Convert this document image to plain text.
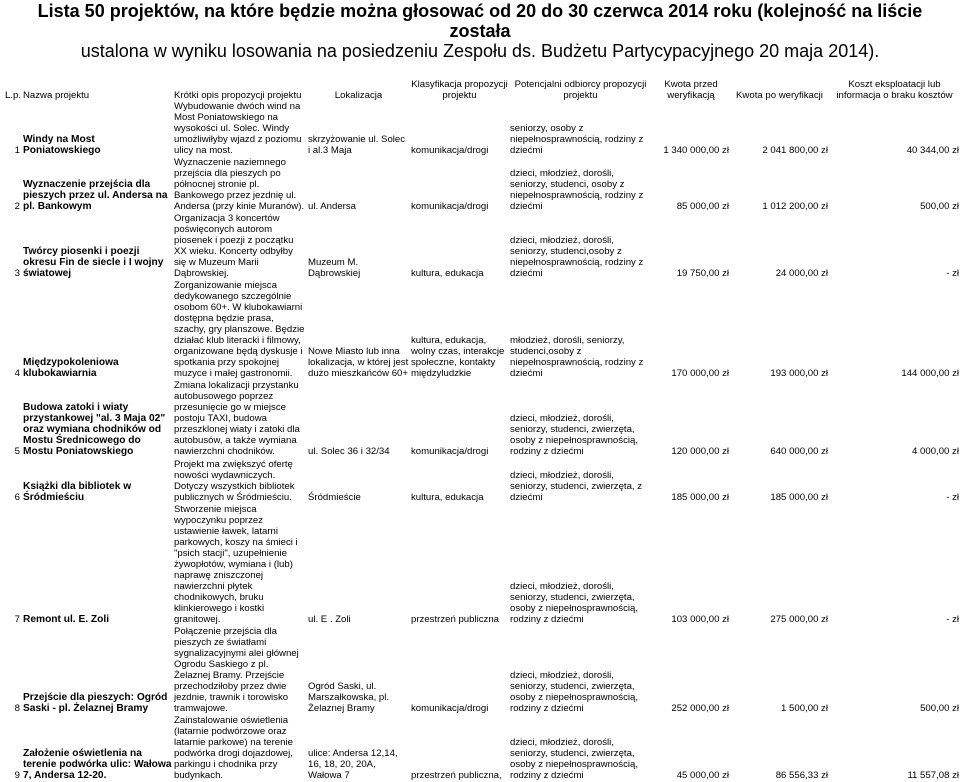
Lista 50 projektów, na które będzie można głosować od 20 do 30 czerwca 2014 roku (kolejność na liście została
ustalona w wyniku losowania na posiedzeniu Zespołu ds. Budżetu Partycypacyjnego 20 maja 2014).
L.p.	Nazwa projektu	Krótki opis propozycji projektu	Lokalizacja	Klasyfikacja propozycji projektu	Potencjalni odbiorcy propozycji projektu	Kwota przed weryfikacją	Kwota po weryfikacji	Koszt eksploatacji lub informacja o braku kosztów
1	Windy na Most Poniatowskiego	Wybudowanie dwóch wind na Most Poniatowskiego na wysokości ul. Solec. Windy umożliwiłyby wjazd z poziomu ulicy na most.	skrzyżowanie ul. Solec i al.3 Maja	komunikacja/drogi	seniorzy, osoby z niepełnosprawnością, rodziny z dziećmi	1 340 000,00 zł	2 041 800,00 zł	40 344,00 zł
2	Wyznaczenie przejścia dla pieszych przez ul. Andersa na pl. Bankowym	Wyznaczenie naziemnego przejścia dla pieszych po północnej stronie pl. Bankowego przez jezdnię ul. Andersa (przy kinie Muranów).	ul. Andersa	komunikacja/drogi	dzieci, młodzież, dorośli, seniorzy, studenci, osoby z niepełnosprawnością, rodziny z dziećmi	85 000,00 zł	1 012 200,00 zł	500,00 zł
3	Twórcy piosenki i poezji okresu Fin de siecle i I wojny światowej	Organizacja 3 koncertów poświęconych autorom piosenek i poezji z początku XX wieku. Koncerty odbyłby się w Muzeum Marii Dąbrowskiej.	Muzeum M. Dąbrowskiej	kultura, edukacja	dzieci, młodzież, dorośli, seniorzy, studenci,osoby z niepełnosprawnością, rodziny z dziećmi	19 750,00 zł	24 000,00 zł	- zł
4	Międzypokoleniowa klubokawiarnia	Zorganizowanie miejsca dedykowanego szczególnie osobom 60+. W klubokawiarni dostępna będzie prasa, szachy, gry planszowe. Będzie działać klub literacki i filmowy, organizowane będą dyskusje i spotkania przy spokojnej muzyce i małej gastronomii.	Nowe Miasto lub inna lokalizacja, w której jest dużo mieszkańców 60+	kultura, edukacja, wolny czas, interakcje społeczne, kontakty międzyludzkie	młodzież, dorośli, seniorzy, studenci,osoby z niepełnosprawnością, rodziny z dziećmi	170 000,00 zł	193 000,00 zł	144 000,00 zł
5	Budowa zatoki i wiaty przystankowej "al. 3 Maja 02" oraz wymiana chodników od Mostu Średnicowego do Mostu Poniatowskiego	Zmiana lokalizacji przystanku autobusowego poprzez przesunięcie go w miejsce postoju TAXI, budowa przeszklonej wiaty i zatoki dla autobusów, a także wymiana nawierzchni chodników.	ul. Solec 36 i 32/34	komunikacja/drogi	dzieci, młodzież, dorośli, seniorzy, studenci, zwierzęta, osoby z niepełnosprawnością, rodziny z dziećmi	120 000,00 zł	640 000,00 zł	4 000,00 zł
6	Książki dla bibliotek w Śródmieściu	Projekt ma zwiększyć ofertę nowości wydawniczych. Dotyczy wszystkich bibliotek publicznych w Śródmieściu.	Śródmieście	kultura, edukacja	dzieci, młodzież, dorośli, seniorzy, studenci, zwierzęta, z dziećmi	185 000,00 zł	185 000,00 zł	- zł
7	Remont ul. E. Zoli	Stworzenie miejsca wypoczynku poprzez ustawienie ławek, latarni parkowych, koszy na śmieci i "psich stacji", uzupełnienie żywopłotów, wymiana i (lub) naprawę zniszczonej nawierzchni płytek chodnikowych, bruku klinkierowego i kostki granitowej.	ul. E . Zoli	przestrzeń publiczna	dzieci, młodzież, dorośli, seniorzy, studenci, zwierzęta, osoby z niepełnosprawnością, rodziny z dziećmi	103 000,00 zł	275 000,00 zł	- zł
8	Przejście dla pieszych: Ogród Saski - pl. Żelaznej Bramy	Połączenie przejścia dla pieszych ze światłami sygnalizacyjnymi alei głównej Ogrodu Saskiego z pl. Żelaznej Bramy. Przejście przechodziłoby przez dwie jezdnie, trawnik i torowisko tramwajowe.	Ogród Saski, ul. Marszałkowska, pl. Żelaznej Bramy	komunikacja/drogi	dzieci, młodzież, dorośli, seniorzy, studenci, zwierzęta, osoby z niepełnosprawnością, rodziny z dziećmi	252 000,00 zł	1 500,00 zł	500,00 zł
9	Założenie oświetlenia na terenie podwórka ulic: Wałowa 7, Andersa 12-20.	Zainstalowanie oświetlenia (latarnie podwórzowe oraz latarnie parkowe) na terenie podwórka drogi dojazdowej, parkingu i chodnika przy budynkach.	ulice: Andersa 12,14, 16, 18, 20, 20A, Wałowa 7	przestrzeń publiczna,	dzieci, młodzież, dorośli, seniorzy, studenci, zwierzęta, osoby z niepełnosprawnością, rodziny z dziećmi	45 000,00 zł	86 556,33 zł	11 557,08 zł
